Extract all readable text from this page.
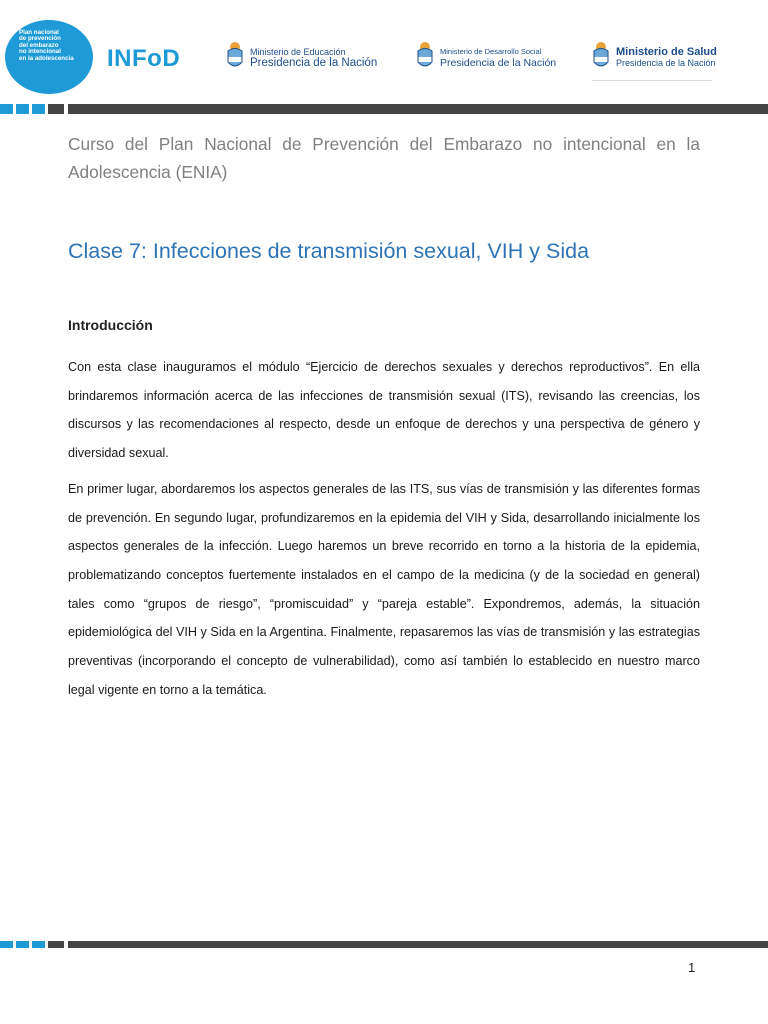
Plan nacional
de prevención
del embarazo
no intencional
en la adolescencia	INFoD	Ministerio de Educación
Presidencia de la Nación
Ministerio de Desarrollo Social
Presidencia de la Nación
Ministerio de Salud
Presidencia de la Nación

Curso del Plan Nacional de Prevención del Embarazo no intencional en la Adolescencia (ENIA)

Clase 7: Infecciones de transmisión sexual, VIH y Sida
Introducción

Con esta clase inauguramos el módulo “Ejercicio de derechos sexuales y derechos reproductivos”. En ella brindaremos información acerca de las infecciones de transmisión sexual (ITS), revisando las creencias, los discursos y las recomendaciones al respecto, desde un enfoque de derechos y una perspectiva de género y diversidad sexual.

En primer lugar, abordaremos los aspectos generales de las ITS, sus vías de transmisión y las diferentes formas de prevención. En segundo lugar, profundizaremos en la epidemia del VIH y Sida, desarrollando inicialmente los aspectos generales de la infección. Luego haremos un breve recorrido en torno a la historia de la epidemia, problematizando conceptos fuertemente instalados en el campo de la medicina (y de la sociedad en general) tales como “grupos de riesgo”, “promiscuidad” y “pareja estable”. Expondremos, además, la situación epidemiológica del VIH y Sida en la Argentina. Finalmente, repasaremos las vías de transmisión y las estrategias preventivas (incorporando el concepto de vulnerabilidad), como así también lo establecido en nuestro marco legal vigente en torno a la temática.

1
